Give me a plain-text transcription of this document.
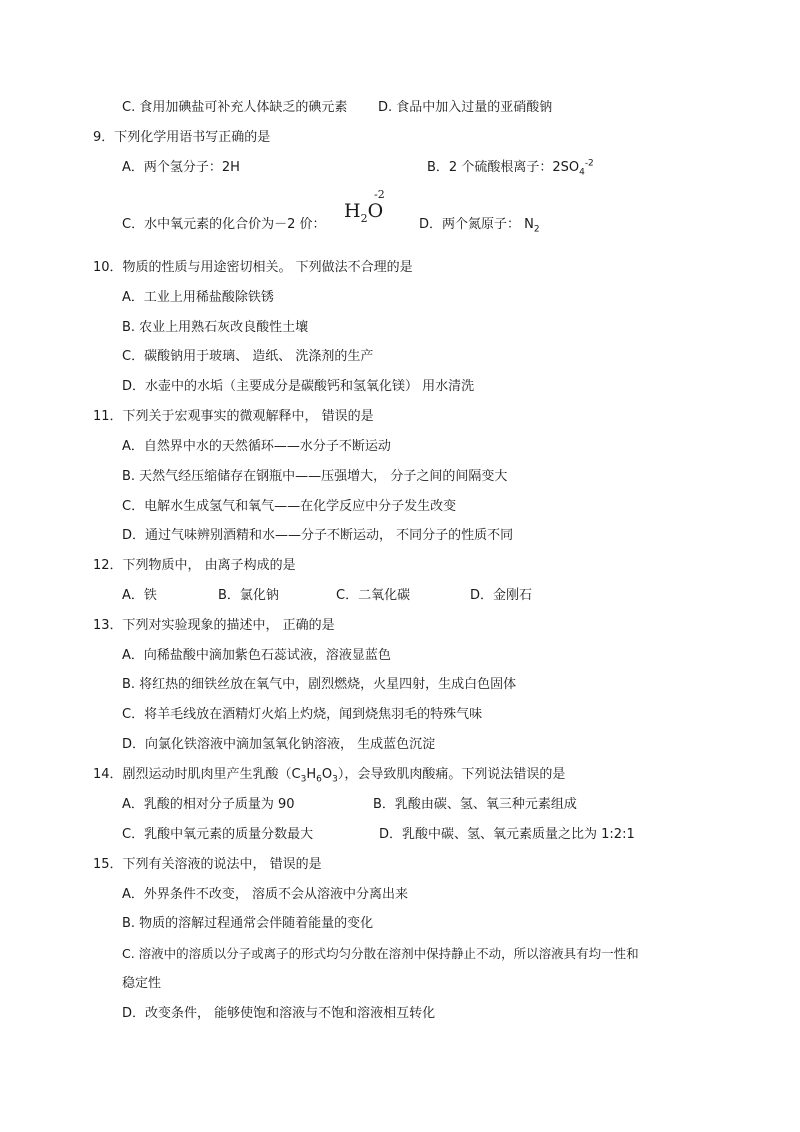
C. 食用加碘盐可补充人体缺乏的碘元素 D. 食品中加入过量的亚硝酸钠
9．下列化学用语书写正确的是
A．两个氢分子：2H	B．2 个硫酸根离子：$2SO_4^{-2}$
C．水中氧元素的化合价为－2 价：
$H_2O$
-2
D．两个氮原子： $N_2$
10．物质的性质与用途密切相关。 下列做法不合理的是
A．工业上用稀盐酸除铁锈
B. 农业上用熟石灰改良酸性土壤
C．碳酸钠用于玻璃、 造纸、 洗涤剂的生产
D．水壶中的水垢（主要成分是碳酸钙和氢氧化镁） 用水清洗
11．下列关于宏观事实的微观解释中， 错误的是
A．自然界中水的天然循环——水分子不断运动
B. 天然气经压缩储存在钢瓶中——压强增大， 分子之间的间隔变大
C．电解水生成氢气和氧气——在化学反应中分子发生改变
D．通过气味辨别酒精和水——分子不断运动， 不同分子的性质不同
12．下列物质中， 由离子构成的是
A．铁	B．氯化钠	C．二氧化碳	D．金刚石
13．下列对实验现象的描述中， 正确的是
A．向稀盐酸中滴加紫色石蕊试液，溶液显蓝色
B. 将红热的细铁丝放在氧气中，剧烈燃烧，火星四射，生成白色固体
C．将羊毛线放在酒精灯火焰上灼烧，闻到烧焦羽毛的特殊气味
D．向氯化铁溶液中滴加氢氧化钠溶液， 生成蓝色沉淀
14．剧烈运动时肌肉里产生乳酸$(C_3H_6O_3)$，会导致肌肉酸痛。下列说法错误的是
A．乳酸的相对分子质量为 90	B．乳酸由碳、氢、氧三种元素组成
C．乳酸中氧元素的质量分数最大	D．乳酸中碳、氢、氧元素质量之比为 1:2:1
15．下列有关溶液的说法中， 错误的是
A．外界条件不改变， 溶质不会从溶液中分离出来
B. 物质的溶解过程通常会伴随着能量的变化
C. 溶液中的溶质以分子或离子的形式均匀分散在溶剂中保持静止不动，所以溶液具有均一性和
稳定性
D．改变条件， 能够使饱和溶液与不饱和溶液相互转化
